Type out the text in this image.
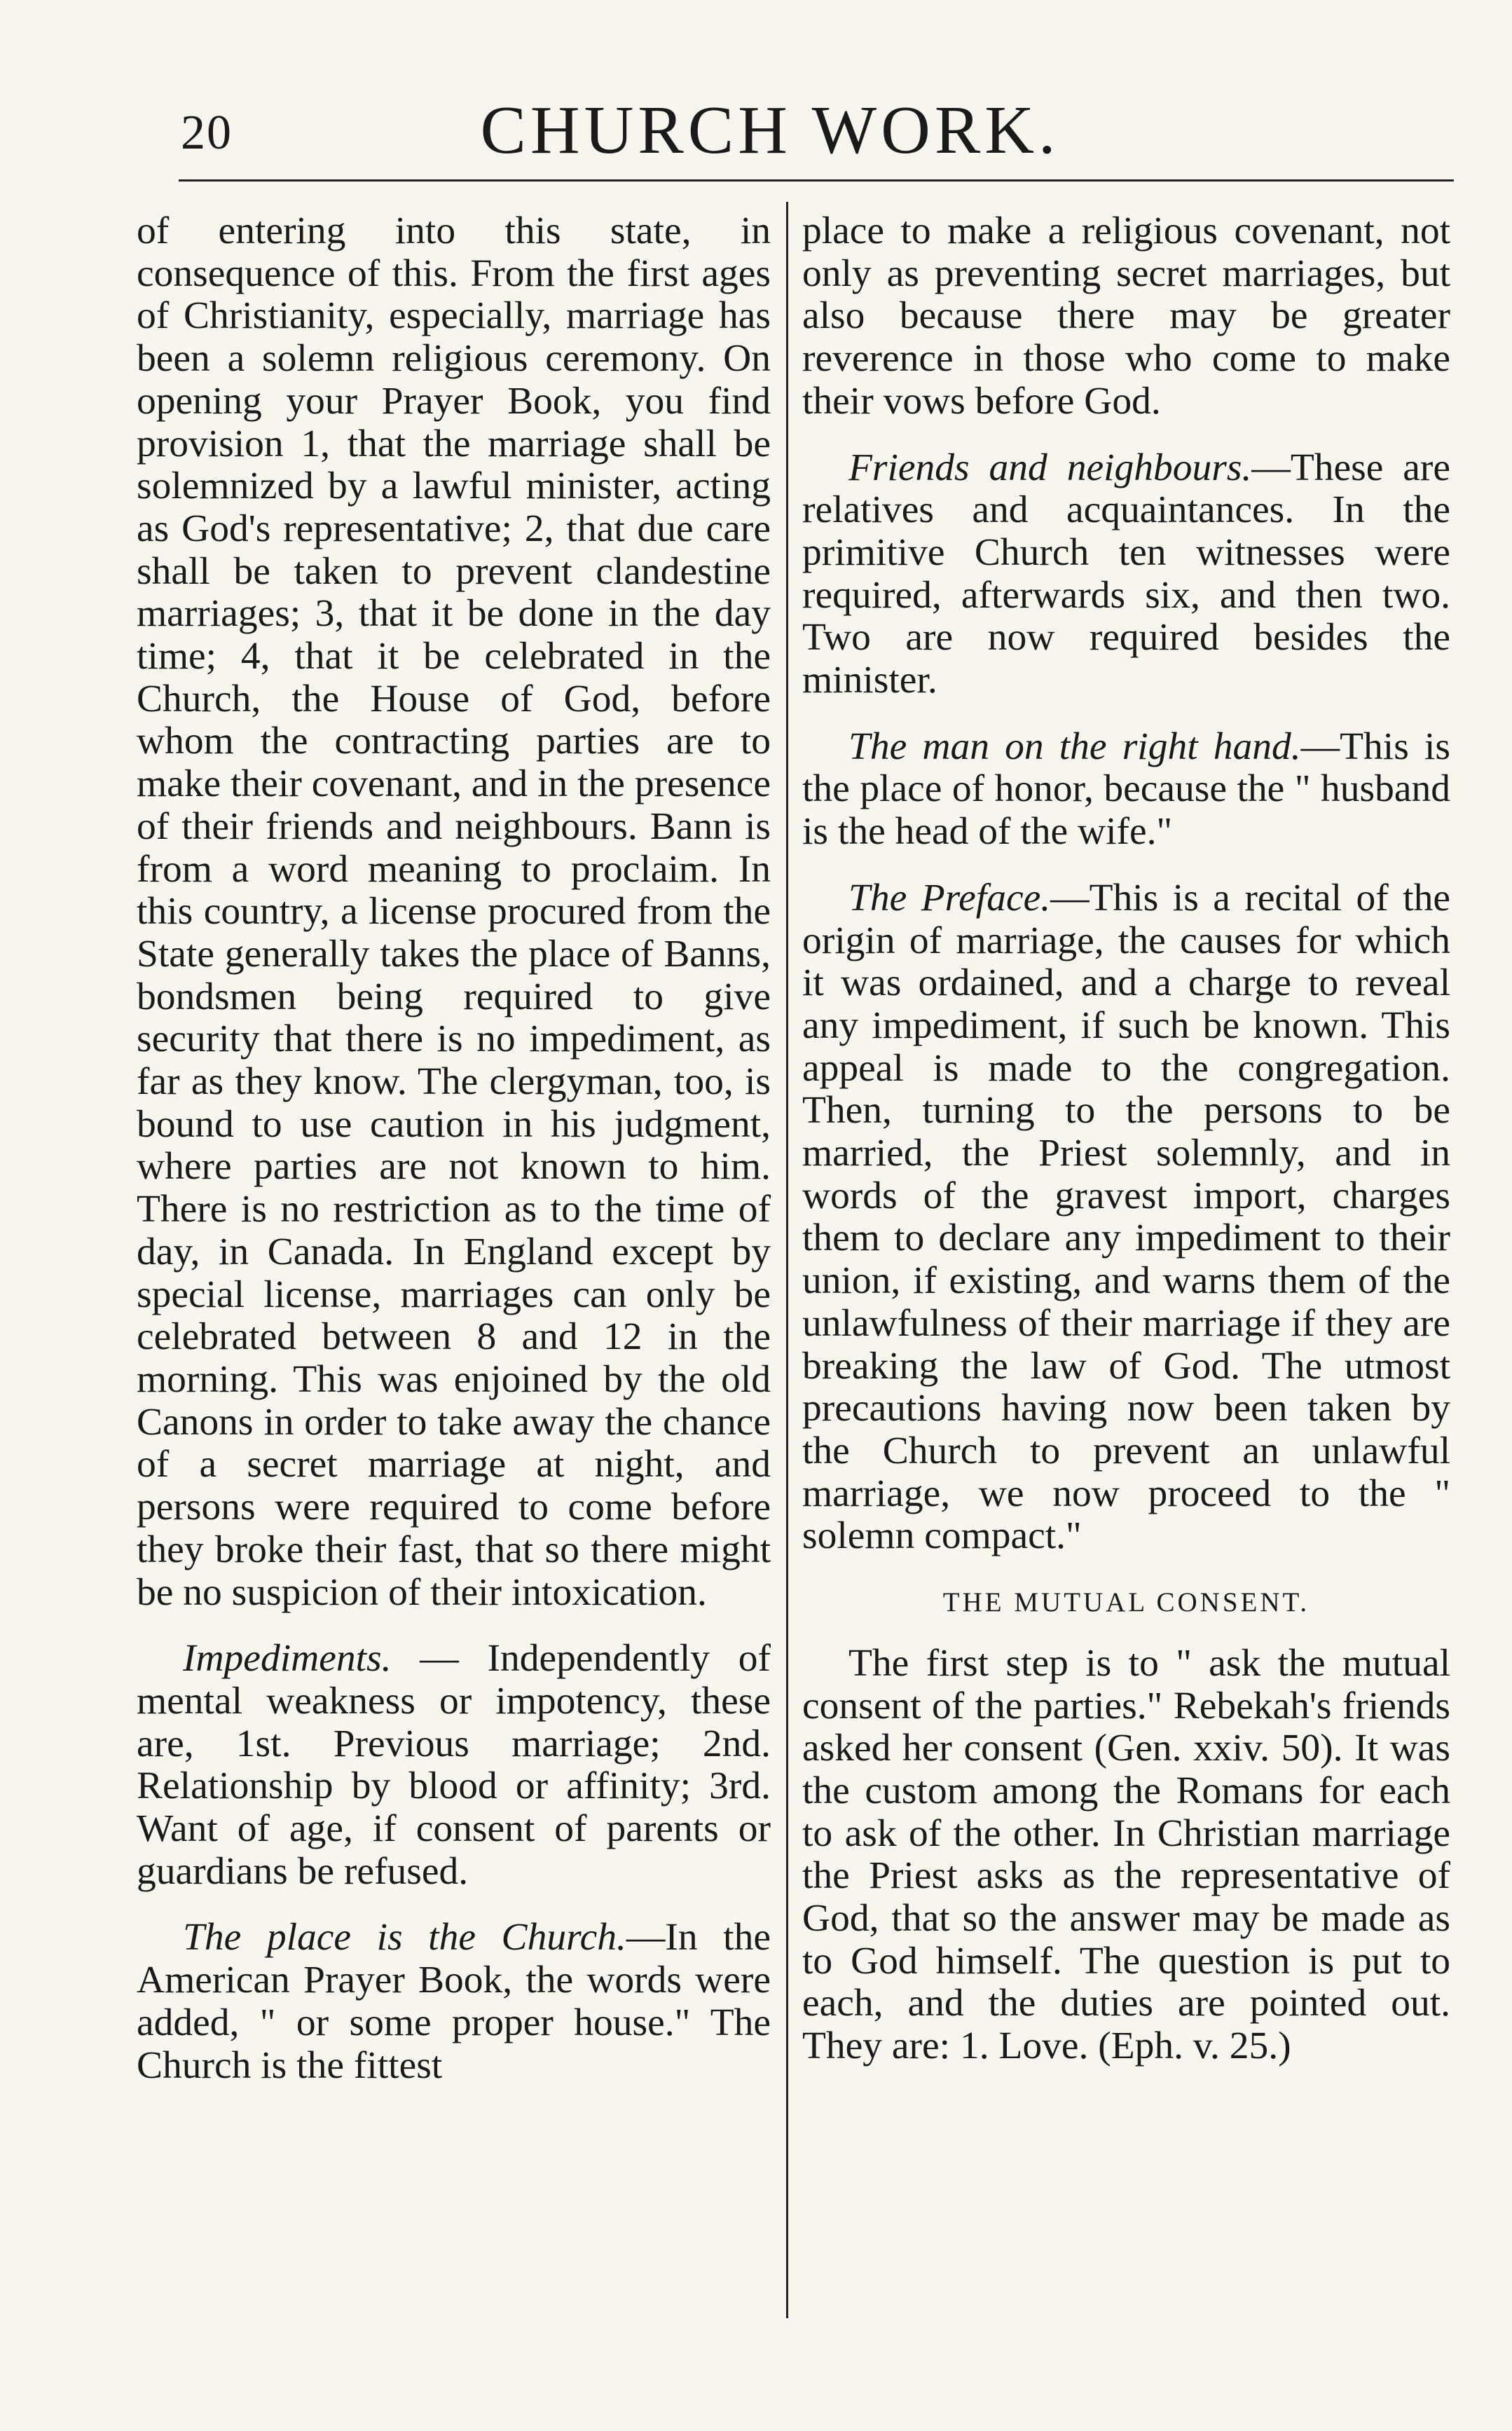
20	CHURCH WORK.

of entering into this state, in consequence of this. From the first ages of Christianity, especially, marriage has been a solemn religious ceremony. On opening your Prayer Book, you find provision 1, that the marriage shall be solemnized by a lawful minister, acting as God's representative; 2, that due care shall be taken to prevent clandestine marriages; 3, that it be done in the day time; 4, that it be celebrated in the Church, the House of God, before whom the contracting parties are to make their covenant, and in the presence of their friends and neighbours. Bann is from a word meaning to proclaim. In this country, a license procured from the State generally takes the place of Banns, bondsmen being required to give security that there is no impediment, as far as they know. The clergyman, too, is bound to use caution in his judgment, where parties are not known to him. There is no restriction as to the time of day, in Canada. In England except by special license, marriages can only be celebrated between 8 and 12 in the morning. This was enjoined by the old Canons in order to take away the chance of a secret marriage at night, and persons were required to come before they broke their fast, that so there might be no suspicion of their intoxication.

Impediments. — Independently of mental weakness or impotency, these are, 1st. Previous marriage; 2nd. Relationship by blood or affinity; 3rd. Want of age, if consent of parents or guardians be refused.

The place is the Church.—In the American Prayer Book, the words were added, " or some proper house." The Church is the fittest

place to make a religious covenant, not only as preventing secret marriages, but also because there may be greater reverence in those who come to make their vows before God.

Friends and neighbours.—These are relatives and acquaintances. In the primitive Church ten witnesses were required, afterwards six, and then two. Two are now required besides the minister.

The man on the right hand.—This is the place of honor, because the " husband is the head of the wife."

The Preface.—This is a recital of the origin of marriage, the causes for which it was ordained, and a charge to reveal any impediment, if such be known. This appeal is made to the congregation. Then, turning to the persons to be married, the Priest solemnly, and in words of the gravest import, charges them to declare any impediment to their union, if existing, and warns them of the unlawfulness of their marriage if they are breaking the law of God. The utmost precautions having now been taken by the Church to prevent an unlawful marriage, we now proceed to the " solemn compact."

THE MUTUAL CONSENT.

The first step is to " ask the mutual consent of the parties." Rebekah's friends asked her consent (Gen. xxiv. 50). It was the custom among the Romans for each to ask of the other. In Christian marriage the Priest asks as the representative of God, that so the answer may be made as to God himself. The question is put to each, and the duties are pointed out. They are: 1. Love. (Eph. v. 25.)
